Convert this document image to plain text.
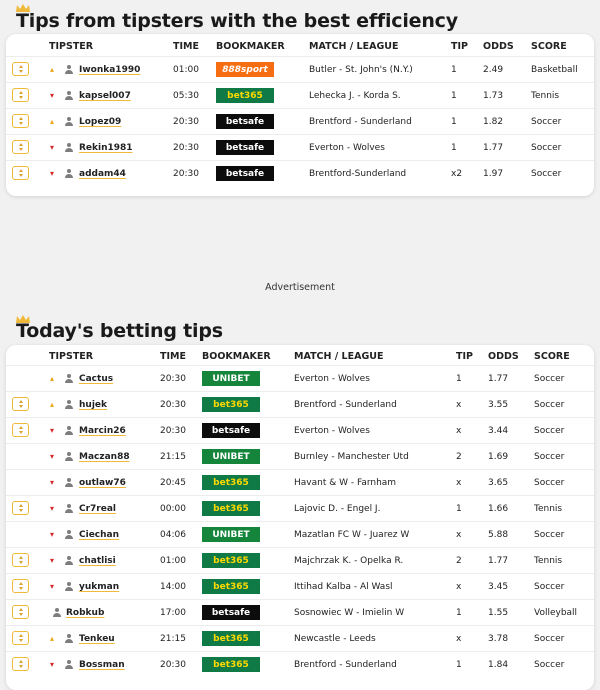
Tips from tipsters with the best efficiency
TIPSTER	TIME BOOKMAKER	MATCH / LEAGUE	TIP ODDS SCORE
▴	Iwonka1990	01:00	888sport	Butler - St. John's (N.Y.)	1	2.49	Basketball
▾	kapsel007	05:30	bet365	Lehecka J. - Korda S.	1	1.73	Tennis
▴	Lopez09	20:30	betsafe	Brentford - Sunderland	1	1.82	Soccer
▾	Rekin1981	20:30	betsafe	Everton - Wolves	1	1.77	Soccer
▾	addam44	20:30	betsafe	Brentford-Sunderland	x2 1.97	Soccer
Advertisement
Today's betting tips
TIPSTER	TIME BOOKMAKER MATCH / LEAGUE	TIP ODDS SCORE
▴	Cactus	20:30	UNIBET	Everton - Wolves	1	1.77	Soccer
▴	hujek	20:30	bet365	Brentford - Sunderland	x	3.55	Soccer
▾	Marcin26	20:30	betsafe	Everton - Wolves	x	3.44	Soccer
▾	Maczan88	21:15	UNIBET	Burnley - Manchester Utd	2	1.69	Soccer
▾	outlaw76	20:45	bet365	Havant & W - Farnham	x	3.65	Soccer
▾	Cr7real	00:00	bet365	Lajovic D. - Engel J.	1	1.66	Tennis
▾	Ciechan	04:06	UNIBET	Mazatlan FC W - Juarez W	x	5.88	Soccer
▾	chatlisi	01:00	bet365	Majchrzak K. - Opelka R.	2	1.77	Tennis
▾	yukman	14:00	bet365	Ittihad Kalba - Al Wasl	x	3.45	Soccer
Robkub	17:00	betsafe	Sosnowiec W - Imielin W	1	1.55	Volleyball
▴	Tenkeu	21:15	bet365	Newcastle - Leeds	x	3.78	Soccer
▾	Bossman	20:30	bet365	Brentford - Sunderland	1	1.84	Soccer
